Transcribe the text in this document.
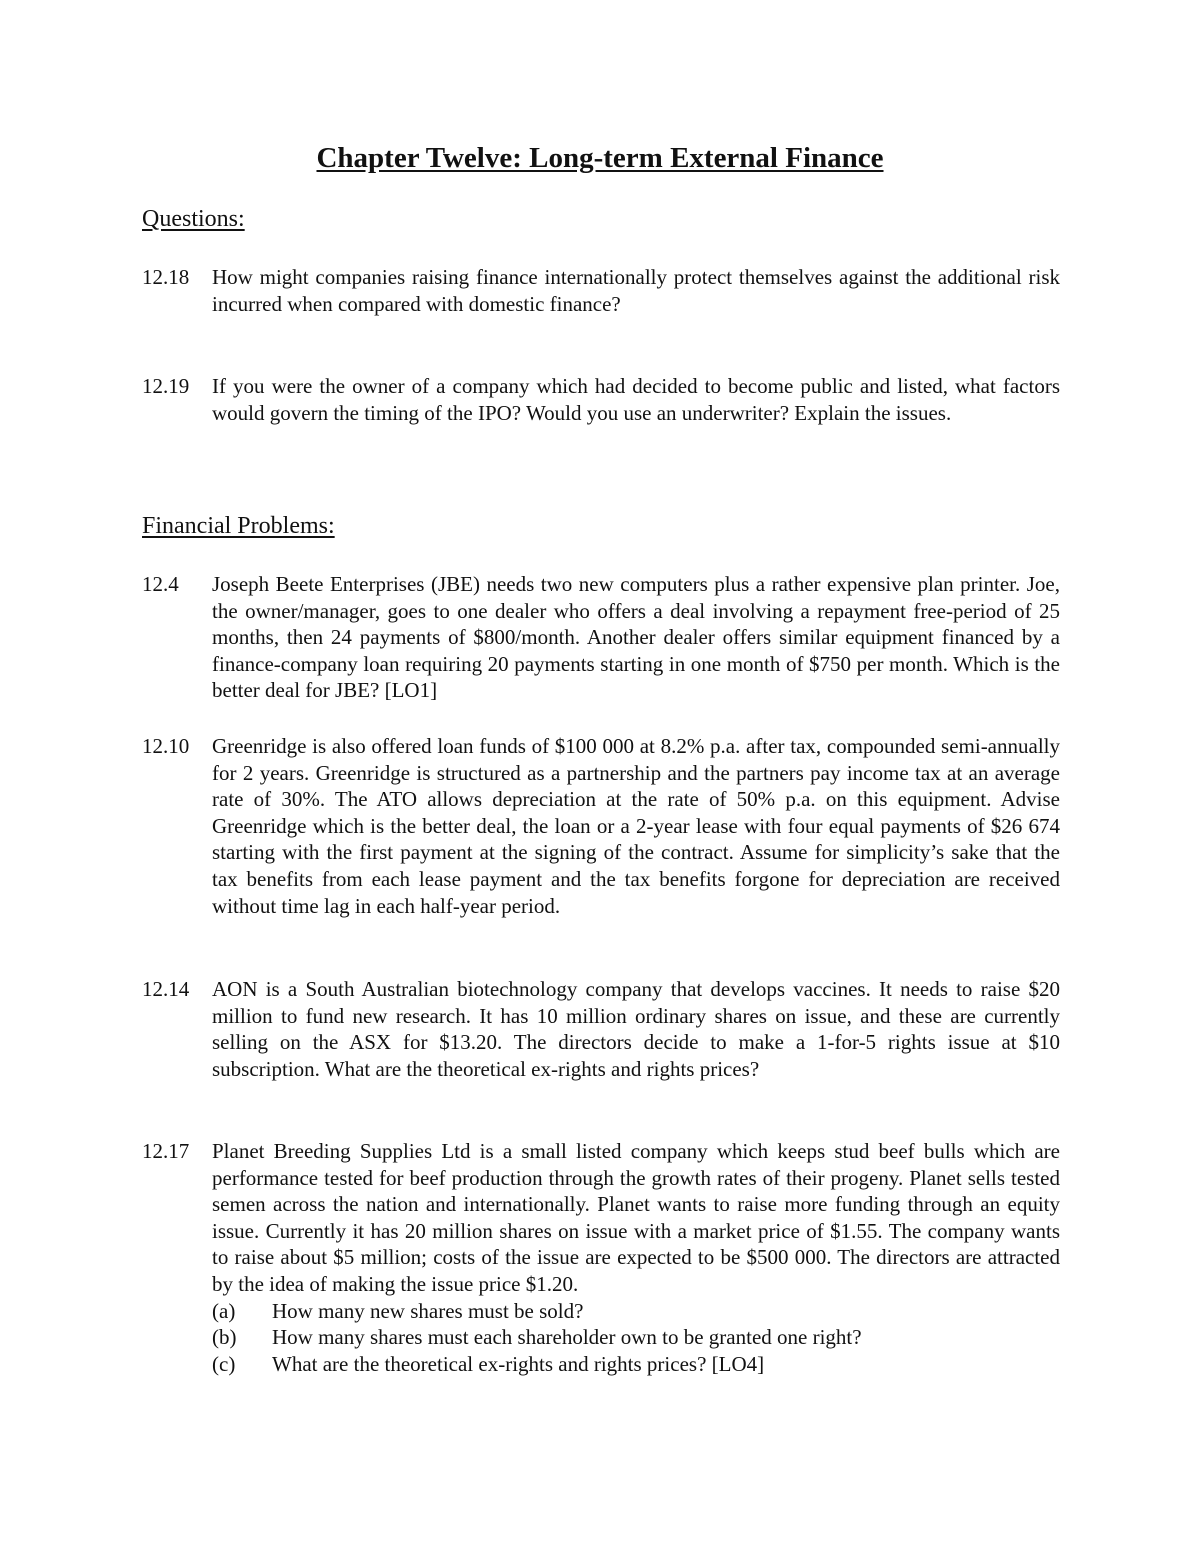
Chapter Twelve: Long-term External Finance
Questions:
12.18	How might companies raising finance internationally protect themselves against the additional risk incurred when compared with domestic finance?
12.19	If you were the owner of a company which had decided to become public and listed, what factors would govern the timing of the IPO? Would you use an underwriter? Explain the issues.
Financial Problems:
12.4	Joseph Beete Enterprises (JBE) needs two new computers plus a rather expensive plan printer. Joe, the owner/manager, goes to one dealer who offers a deal involving a repayment free-period of 25 months, then 24 payments of $800/month. Another dealer offers similar equipment financed by a finance-company loan requiring 20 payments starting in one month of $750 per month. Which is the better deal for JBE? [LO1]
12.10	Greenridge is also offered loan funds of $100 000 at 8.2% p.a. after tax, compounded semi-annually for 2 years. Greenridge is structured as a partnership and the partners pay income tax at an average rate of 30%. The ATO allows depreciation at the rate of 50% p.a. on this equipment. Advise Greenridge which is the better deal, the loan or a 2-year lease with four equal payments of $26 674 starting with the first payment at the signing of the contract. Assume for simplicity’s sake that the tax benefits from each lease payment and the tax benefits forgone for depreciation are received without time lag in each half-year period.
12.14	AON is a South Australian biotechnology company that develops vaccines. It needs to raise $20 million to fund new research. It has 10 million ordinary shares on issue, and these are currently selling on the ASX for $13.20. The directors decide to make a 1-for-5 rights issue at $10 subscription. What are the theoretical ex-rights and rights prices?
12.17	Planet Breeding Supplies Ltd is a small listed company which keeps stud beef bulls which are performance tested for beef production through the growth rates of their progeny. Planet sells tested semen across the nation and internationally. Planet wants to raise more funding through an equity issue. Currently it has 20 million shares on issue with a market price of $1.55. The company wants to raise about $5 million; costs of the issue are expected to be $500 000. The directors are attracted by the idea of making the issue price $1.20.
(a)	How many new shares must be sold?
(b)	How many shares must each shareholder own to be granted one right?
(c)	What are the theoretical ex-rights and rights prices? [LO4]
